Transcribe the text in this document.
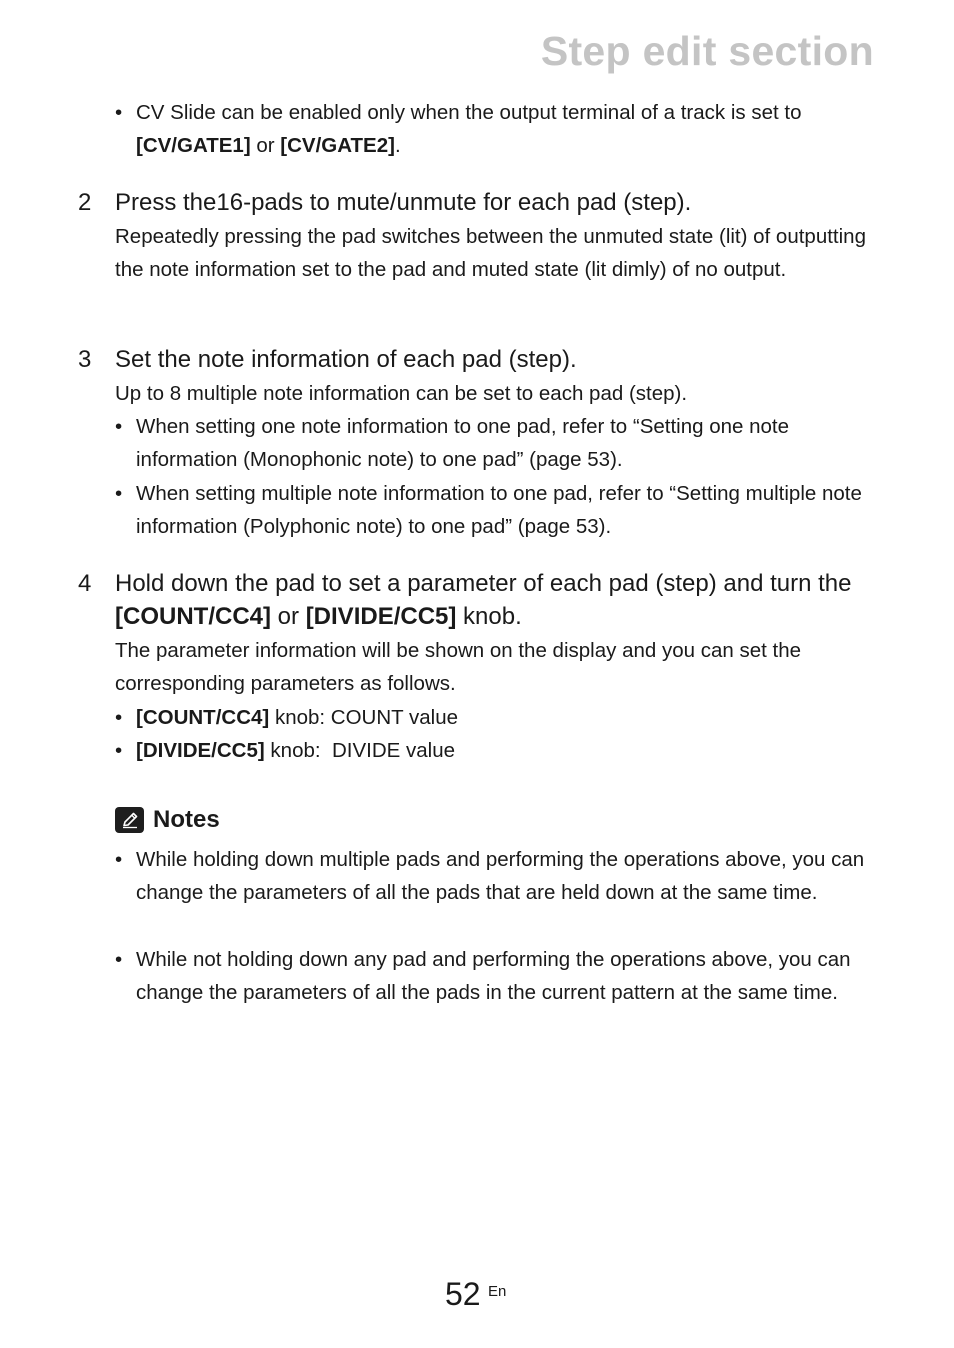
Step edit section
• CV Slide can be enabled only when the output terminal of a track is set to [CV/GATE1] or [CV/GATE2].
2 Press the16-pads to mute/unmute for each pad (step).
Repeatedly pressing the pad switches between the unmuted state (lit) of outputting the note information set to the pad and muted state (lit dimly) of no output.
3 Set the note information of each pad (step).
Up to 8 multiple note information can be set to each pad (step).
• When setting one note information to one pad, refer to “Setting one note information (Monophonic note) to one pad” (page 53).
• When setting multiple note information to one pad, refer to “Setting multiple note information (Polyphonic note) to one pad” (page 53).
4 Hold down the pad to set a parameter of each pad (step) and turn the [COUNT/CC4] or [DIVIDE/CC5] knob.
The parameter information will be shown on the display and you can set the corresponding parameters as follows.
• [COUNT/CC4] knob: COUNT value
• [DIVIDE/CC5] knob:  DIVIDE value
Notes
• While holding down multiple pads and performing the operations above, you can change the parameters of all the pads that are held down at the same time.
• While not holding down any pad and performing the operations above, you can change the parameters of all the pads in the current pattern at the same time.
52 En
